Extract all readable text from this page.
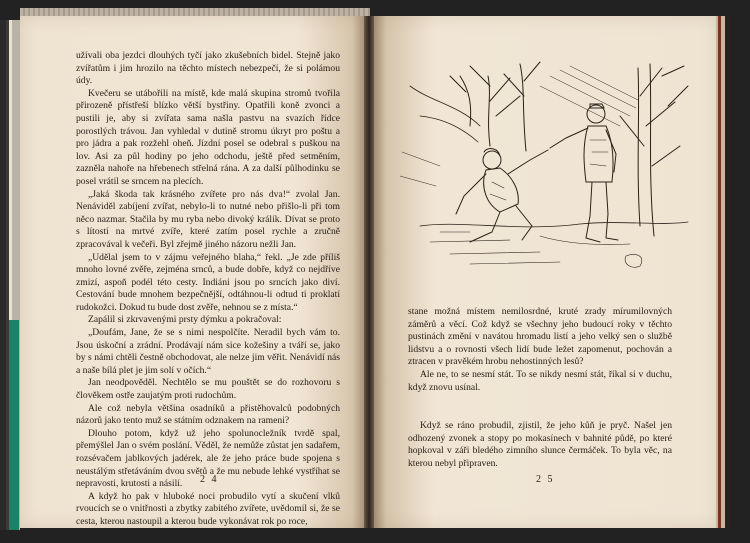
užívali oba jezdci dlouhých tyčí jako zkušebních bidel. Stejně jako zvířatům i jim hrozilo na těchto místech nebezpečí, že si polámou údy.

Kvečeru se utábořili na místě, kde malá skupina stromů tvořila přirozeně přístřeší blízko větší bystřiny. Opatřili koně zvonci a pustili je, aby si zvířata sama našla pastvu na svazích řídce porostlých trávou. Jan vyhledal v dutině stromu úkryt pro poštu a pro jádra a pak rozžehl oheň. Jízdní posel se odebral s puškou na lov. Asi za půl hodiny po jeho odchodu, ještě před setměním, zazněla nahoře na hřebenech střelná rána. A za další půlhodinku se posel vrátil se srncem na plecích.

„Jaká škoda tak krásného zvířete pro nás dva!“ zvolal Jan. Nenáviděl zabíjení zvířat, nebylo-li to nutné nebo přišlo-li při tom něco nazmar. Stačila by mu ryba nebo divoký králík. Dívat se proto s lítostí na mrtvé zvíře, které zatím posel rychle a zručně zpracovával k večeři. Byl zřejmě jiného názoru nežli Jan.

„Udělal jsem to v zájmu veřejného blaha,“ řekl. „Je zde příliš mnoho lovné zvěře, zejména srnců, a bude dobře, když co nejdříve zmizí, aspoň podél této cesty. Indiáni jsou po srncích jako diví. Cestování bude mnohem bezpečnější, odtáhnou-li odtud ti proklatí rudokožci. Dokud tu bude dost zvěře, nehnou se z místa.“

Zapálil si zkrvavenými prsty dýmku a pokračoval:

„Doufám, Jane, že se s nimi nespolčíte. Neradil bych vám to. Jsou úskoční a zrádní. Prodávají nám sice kožešiny a tváří se, jako by s námi chtěli čestně obchodovat, ale nelze jim věřit. Nenávidí nás a naše bílá plet je jim solí v očích.“

Jan neodpověděl. Nechtělo se mu pouštět se do rozhovoru s člověkem ostře zaujatým proti rudochům.

Ale což nebyla většina osadníků a přistěhovalců podobných názorů jako tento muž se státním odznakem na rameni?

Dlouho potom, když už jeho spolunocležník tvrdě spal, přemýšlel Jan o svém poslání. Věděl, že nemůže zůstat jen sadařem, rozsévačem jablkových jadérek, ale že jeho práce bude spojena s neustálým střetáváním dvou světů a že mu nebude lehké vystříhat se nepravosti, krutosti a násilí.

A když ho pak v hluboké noci probudilo vytí a skučení vlků rvoucích se o vnitřnosti a zbytky zabitého zvířete, uvědomil si, že se cesta, kterou nastoupil a kterou bude vykonávat rok po roce,

2 4

stane možná místem nemilosrdné, kruté zrady mírumilovných záměrů a věcí. Což když se všechny jeho budoucí roky v těchto pustinách změní v navátou hromadu listí a jeho velký sen o službě lidstvu a o rovnosti všech lidí bude ležet zapomenut, pochován a ztracen v pravěkém hrobu nehostinných lesů?

Ale ne, to se nesmí stát. To se nikdy nesmí stát, říkal si v duchu, když znovu usínal.

Když se ráno probudil, zjistil, že jeho kůň je pryč. Našel jen odhozený zvonek a stopy po mokasínech v bahnité půdě, po které hopkoval v záři bledého zimního slunce čermáček. To byla věc, na kterou nebyl připraven.

2 5
